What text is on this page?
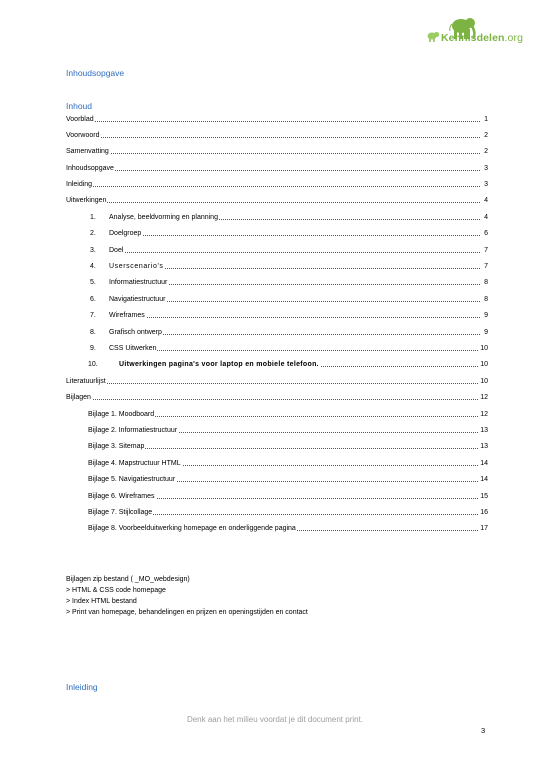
Kennisdelen.org
Inhoudsopgave
Inhoud
Voorblad	1
Voorwoord	2
Samenvatting	2
Inhoudsopgave	3
Inleiding	3
Uitwerkingen	4
1. Analyse, beeldvorming en planning	4
2. Doelgroep	6
3. Doel	7
4. Userscenario's	7
5. Informatiestructuur	8
6. Navigatiestructuur	8
7. Wireframes	9
8. Grafisch ontwerp	9
9. CSS Uitwerken	10
10.	Uitwerkingen pagina's voor laptop en mobiele telefoon.	10
Literatuurlijst	10
Bijlagen	12
Bijlage 1. Moodboard	12
Bijlage 2. Informatiestructuur	13
Bijlage 3. Sitemap	13
Bijlage 4. Mapstructuur HTML	14
Bijlage 5. Navigatiestructuur	14
Bijlage 6. Wireframes	15
Bijlage 7. Stijlcollage	16
Bijlage 8. Voorbeelduitwerking homepage en onderliggende pagina	17
Bijlagen zip bestand ( _MO_webdesign)
> HTML & CSS code homepage
> Index HTML bestand
> Print van homepage, behandelingen en prijzen en openingstijden en contact
Inleiding
Denk aan het milieu voordat je dit document print.
3
